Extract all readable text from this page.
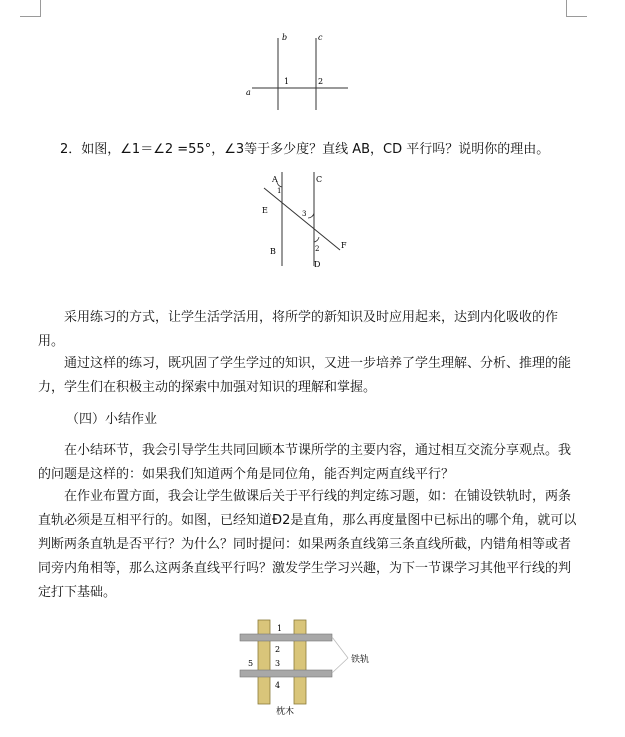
b	c
a
1	2
2．如图，∠1＝∠2 =55°，∠3等于多少度？直线 AB，CD 平行吗？说明你的理由。
A	C
E
B
D
F
1
3
2

采用练习的方式，让学生活学活用，将所学的新知识及时应用起来，达到内化吸收的作用。

通过这样的练习，既巩固了学生学过的知识，又进一步培养了学生理解、分析、推理的能力，学生们在积极主动的探索中加强对知识的理解和掌握。

（四）小结作业

在小结环节，我会引导学生共同回顾本节课所学的主要内容，通过相互交流分享观点。我的问题是这样的：如果我们知道两个角是同位角，能否判定两直线平行？

在作业布置方面，我会让学生做课后关于平行线的判定练习题，如：在铺设铁轨时，两条直轨必须是互相平行的。如图，已经知道Ð2是直角，那么再度量图中已标出的哪个角，就可以判断两条直轨是否平行？为什么？同时提问：如果两条直线第三条直线所截，内错角相等或者同旁内角相等，那么这两条直线平行吗？激发学生学习兴趣，为下一节课学习其他平行线的判定打下基础。

铁轨
枕木
1
2
3
4
5
